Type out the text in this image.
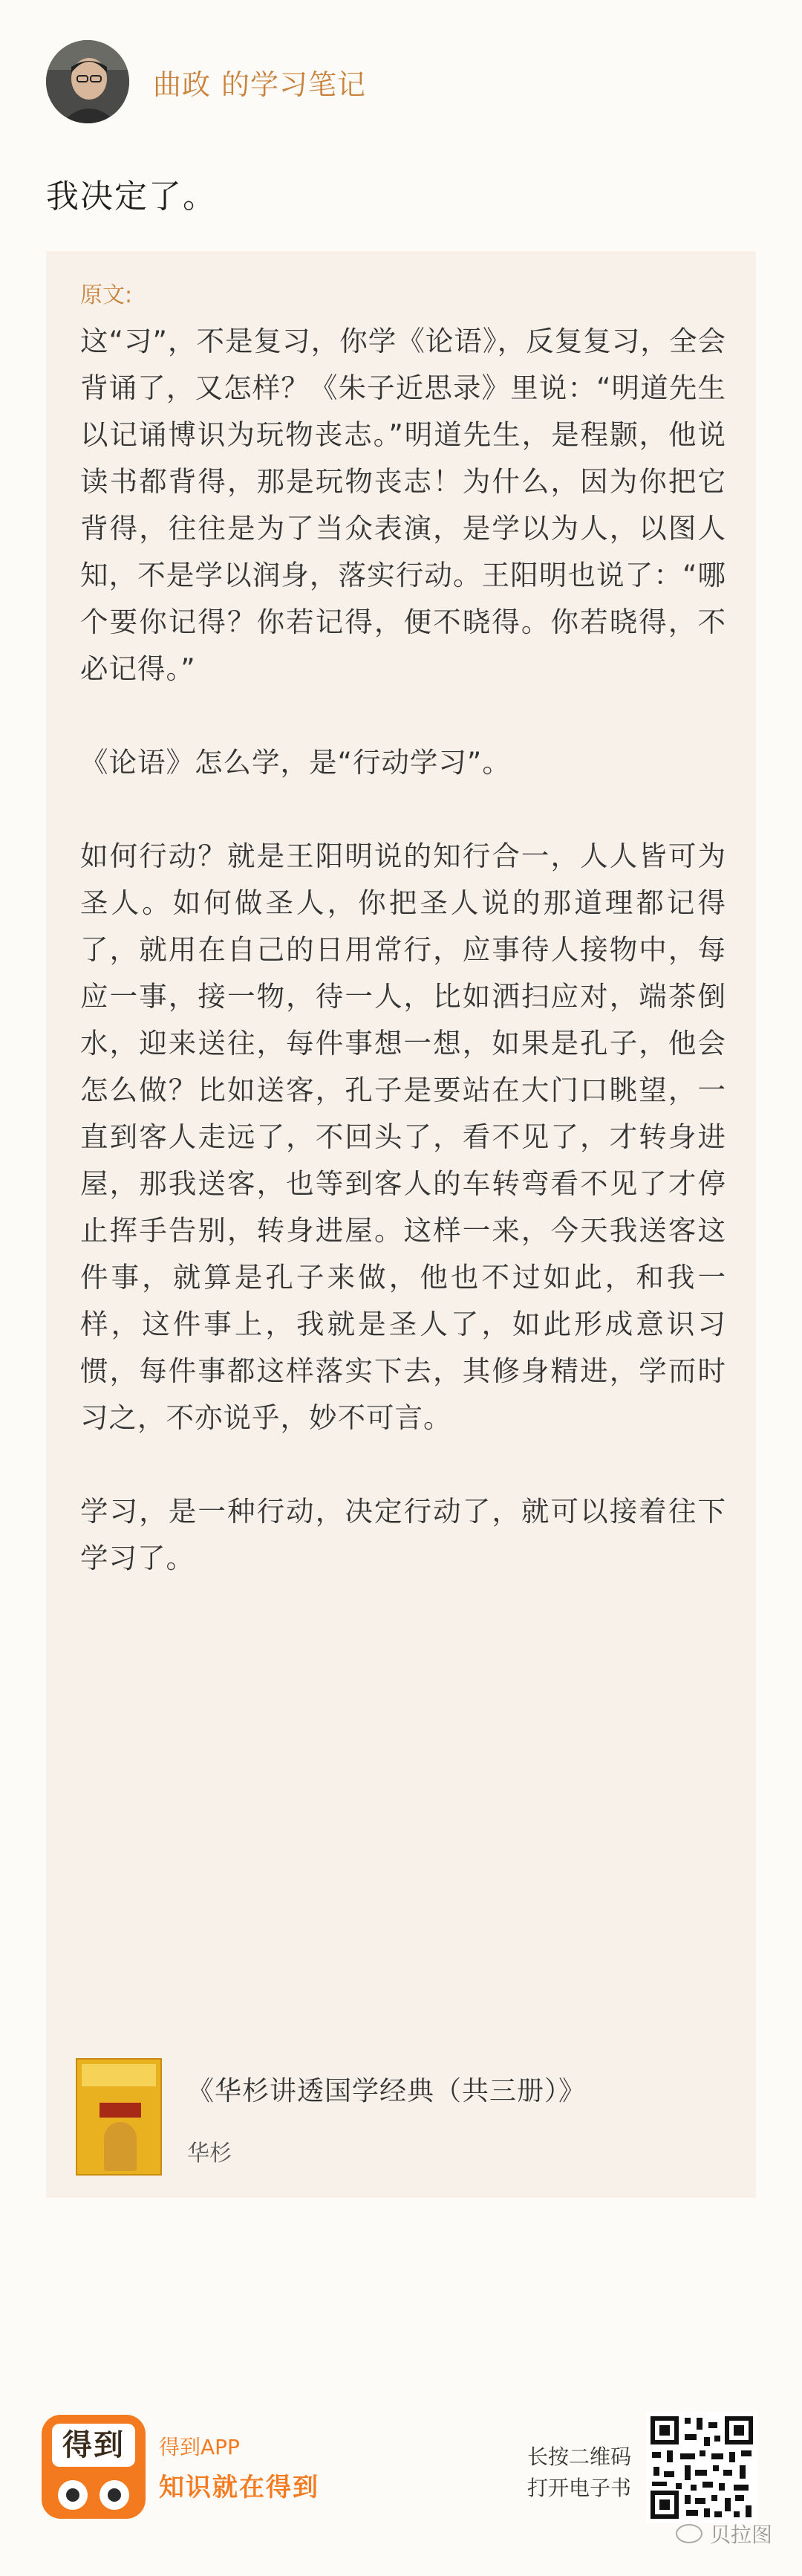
曲政 的学习笔记
我决定了。
原文:

这“习”，不是复习，你学《论语》，反复复习，全会背诵了，又怎样？《朱子近思录》里说：“明道先生以记诵博识为玩物丧志。”明道先生，是程颢，他说读书都背得，那是玩物丧志！为什么，因为你把它背得，往往是为了当众表演，是学以为人，以图人知，不是学以润身，落实行动。王阳明也说了：“哪个要你记得？你若记得，便不晓得。你若晓得，不必记得。”

《论语》怎么学，是“行动学习”。

如何行动？就是王阳明说的知行合一，人人皆可为圣人。如何做圣人，你把圣人说的那道理都记得了，就用在自己的日用常行，应事待人接物中，每应一事，接一物，待一人，比如洒扫应对，端茶倒水，迎来送往，每件事想一想，如果是孔子，他会怎么做？比如送客，孔子是要站在大门口眺望，一直到客人走远了，不回头了，看不见了，才转身进屋，那我送客，也等到客人的车转弯看不见了才停止挥手告别，转身进屋。这样一来，今天我送客这件事，就算是孔子来做，他也不过如此，和我一样，这件事上，我就是圣人了，如此形成意识习惯，每件事都这样落实下去，其修身精进，学而时习之，不亦说乎，妙不可言。

学习，是一种行动，决定行动了，就可以接着往下学习了。

《华杉讲透国学经典（共三册）》
华杉
得到	得到APP
知识就在得到
长按二维码
打开电子书
贝拉图
